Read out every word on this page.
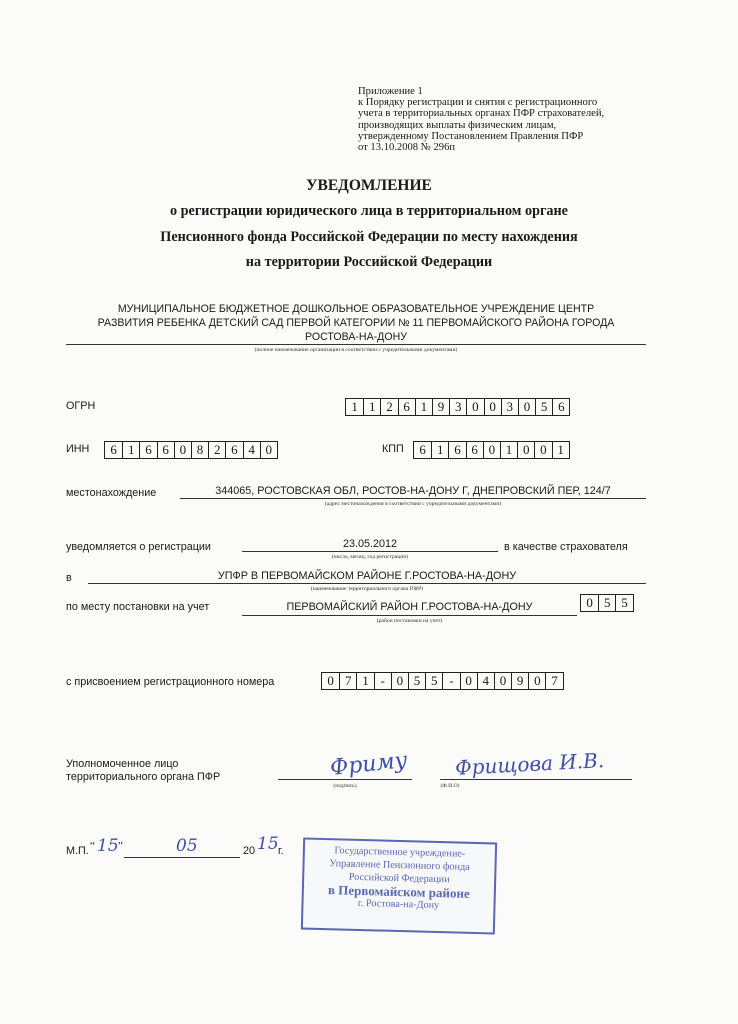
Приложение 1
к Порядку регистрации и снятия с регистрационного
учета в территориальных органах ПФР страхователей,
производящих выплаты физическим лицам,
утвержденному Постановлением Правления ПФР
от 13.10.2008 № 296п
УВЕДОМЛЕНИЕ
о регистрации юридического лица в территориальном органе
Пенсионного фонда Российской Федерации по месту нахождения
на территории Российской Федерации
МУНИЦИПАЛЬНОЕ БЮДЖЕТНОЕ ДОШКОЛЬНОЕ ОБРАЗОВАТЕЛЬНОЕ УЧРЕЖДЕНИЕ ЦЕНТР
РАЗВИТИЯ РЕБЕНКА ДЕТСКИЙ САД ПЕРВОЙ КАТЕГОРИИ № 11 ПЕРВОМАЙСКОГО РАЙОНА ГОРОДА
РОСТОВА-НА-ДОНУ
(полное наименование организации в соответствии с учредительными документами)
ОГРН	1 1 2 6 1 9 3 0 0 3 0 5 6
ИНН	6 1 6 6 0 8 2 6 4 0	КПП	6 1 6 6 0 1 0 0 1
местонахождение	344065, РОСТОВСКАЯ ОБЛ, РОСТОВ-НА-ДОНУ Г, ДНЕПРОВСКИЙ ПЕР, 124/7
(адрес местонахождения в соответствии с учредительными документами)
уведомляется о регистрации	23.05.2012
(число, месяц, год регистрации)
в качестве страхователя
в	УПФР В ПЕРВОМАЙСКОМ РАЙОНЕ Г.РОСТОВА-НА-ДОНУ
(наименование территориального органа ПФР)
по месту постановки на учет	ПЕРВОМАЙСКИЙ РАЙОН Г.РОСТОВА-НА-ДОНУ
(район постановки на учет)
0 5 5
с присвоением регистрационного номера	0 7 1 - 0 5 5 - 0 4 0 9 0 7
Уполномоченное лицо
территориального органа ПФР	Фриму
(подпись)
Фрищова И.В.
(Ф.И.О)
М.П. “ 15 ”	05	20 15 г.	Государственное учреждение-
Управление Пенсионного фонда
Российской Федерации
в Первомайском районе
г. Ростова-на-Дону
